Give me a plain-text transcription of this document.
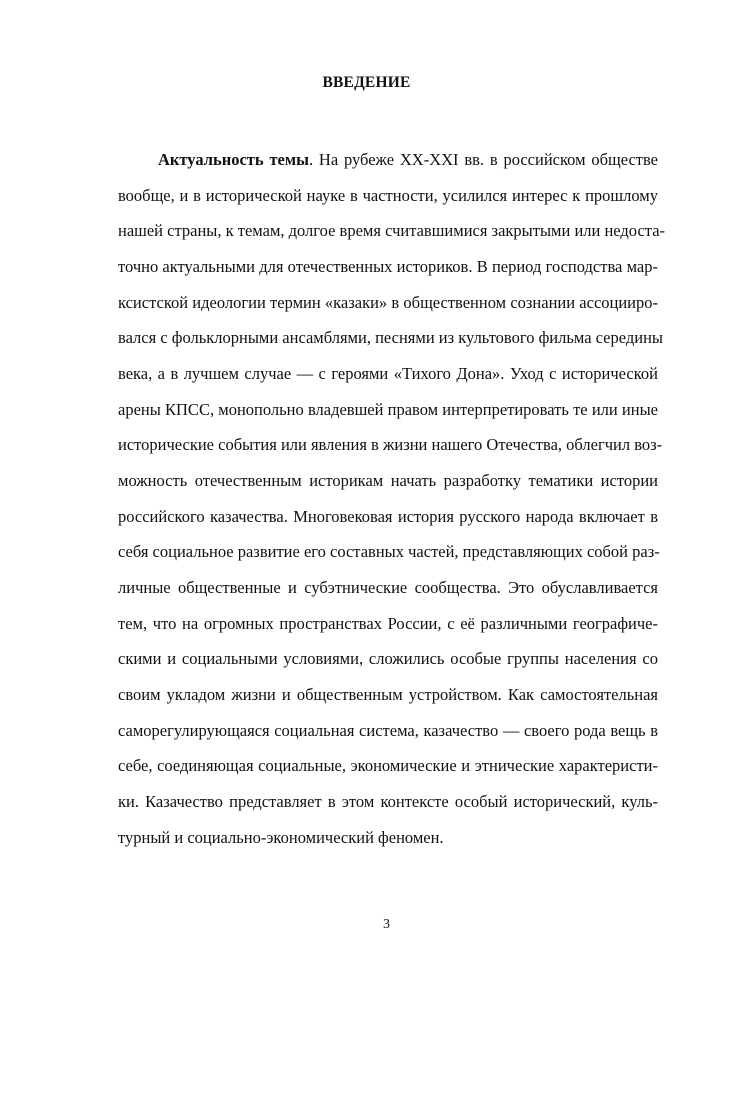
ВВЕДЕНИЕ
Актуальность темы. На рубеже XX-XXI вв. в российском обществе
вообще, и в исторической науке в частности, усилился интерес к прошлому
нашей страны, к темам, долгое время считавшимися закрытыми или недоста-
точно актуальными для отечественных историков. В период господства мар-
ксистской идеологии термин «казаки» в общественном сознании ассоцииро-
вался с фольклорными ансамблями, песнями из культового фильма середины
века, а в лучшем случае — с героями «Тихого Дона». Уход с исторической
арены КПСС, монопольно владевшей правом интерпретировать те или иные
исторические события или явления в жизни нашего Отечества, облегчил воз-
можность отечественным историкам начать разработку тематики истории
российского казачества. Многовековая история русского народа включает в
себя социальное развитие его составных частей, представляющих собой раз-
личные общественные и субэтнические сообщества. Это обуславливается
тем, что на огромных пространствах России, с её различными географиче-
скими и социальными условиями, сложились особые группы населения со
своим укладом жизни и общественным устройством. Как самостоятельная
саморегулирующаяся социальная система, казачество — своего рода вещь в
себе, соединяющая социальные, экономические и этнические характеристи-
ки. Казачество представляет в этом контексте особый исторический, куль-
турный и социально-экономический феномен.
3
